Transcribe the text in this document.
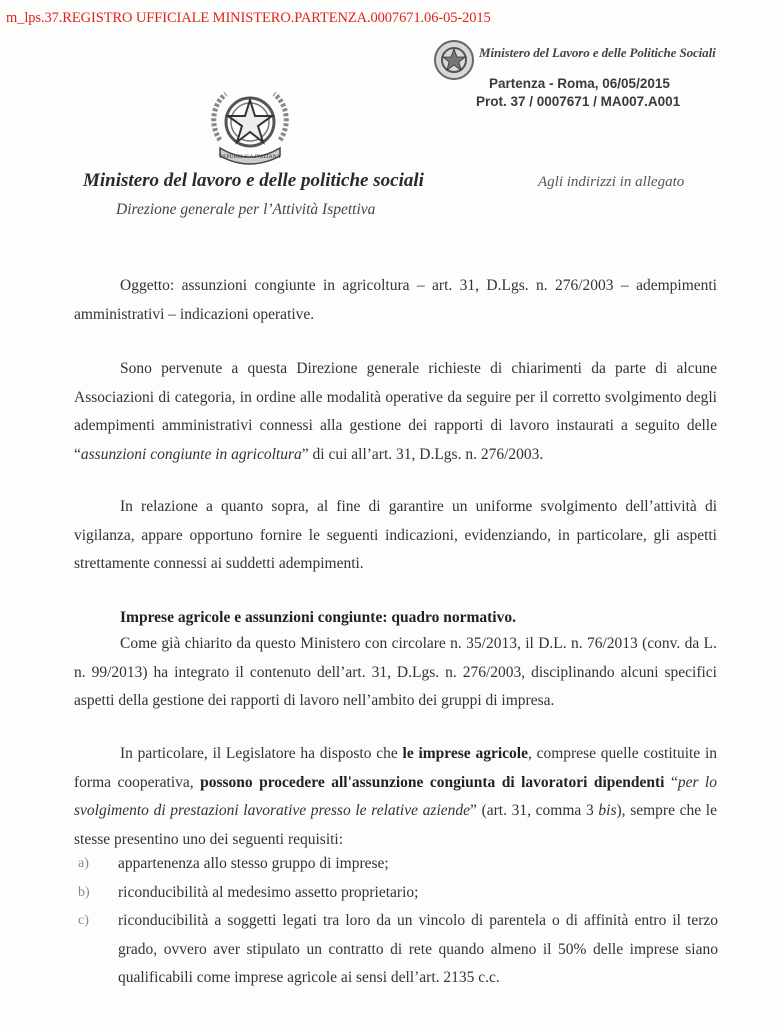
m_lps.37.REGISTRO UFFICIALE MINISTERO.PARTENZA.0007671.06-05-2015
Ministero del Lavoro e delle Politiche Sociali
Partenza - Roma, 06/05/2015
Prot. 37 / 0007671 / MA007.A001
REPUBBLICA ITALIANA
Ministero del lavoro e delle politiche sociali
Direzione generale per l’Attività Ispettiva
Agli indirizzi in allegato
Oggetto: assunzioni congiunte in agricoltura – art. 31, D.Lgs. n. 276/2003 – adempimenti amministrativi – indicazioni operative.
Sono pervenute a questa Direzione generale richieste di chiarimenti da parte di alcune Associazioni di categoria, in ordine alle modalità operative da seguire per il corretto svolgimento degli adempimenti amministrativi connessi alla gestione dei rapporti di lavoro instaurati a seguito delle “assunzioni congiunte in agricoltura” di cui all’art. 31, D.Lgs. n. 276/2003.
In relazione a quanto sopra, al fine di garantire un uniforme svolgimento dell’attività di vigilanza, appare opportuno fornire le seguenti indicazioni, evidenziando, in particolare, gli aspetti strettamente connessi ai suddetti adempimenti.
Imprese agricole e assunzioni congiunte: quadro normativo.
Come già chiarito da questo Ministero con circolare n. 35/2013, il D.L. n. 76/2013 (conv. da L. n. 99/2013) ha integrato il contenuto dell’art. 31, D.Lgs. n. 276/2003, disciplinando alcuni specifici aspetti della gestione dei rapporti di lavoro nell’ambito dei gruppi di impresa.
In particolare, il Legislatore ha disposto che le imprese agricole, comprese quelle costituite in forma cooperativa, possono procedere all'assunzione congiunta di lavoratori dipendenti “per lo svolgimento di prestazioni lavorative presso le relative aziende” (art. 31, comma 3 bis), sempre che le stesse presentino uno dei seguenti requisiti:
a) appartenenza allo stesso gruppo di imprese;
b) riconducibilità al medesimo assetto proprietario;
c) riconducibilità a soggetti legati tra loro da un vincolo di parentela o di affinità entro il terzo grado, ovvero aver stipulato un contratto di rete quando almeno il 50% delle imprese siano qualificabili come imprese agricole ai sensi dell’art. 2135 c.c.
